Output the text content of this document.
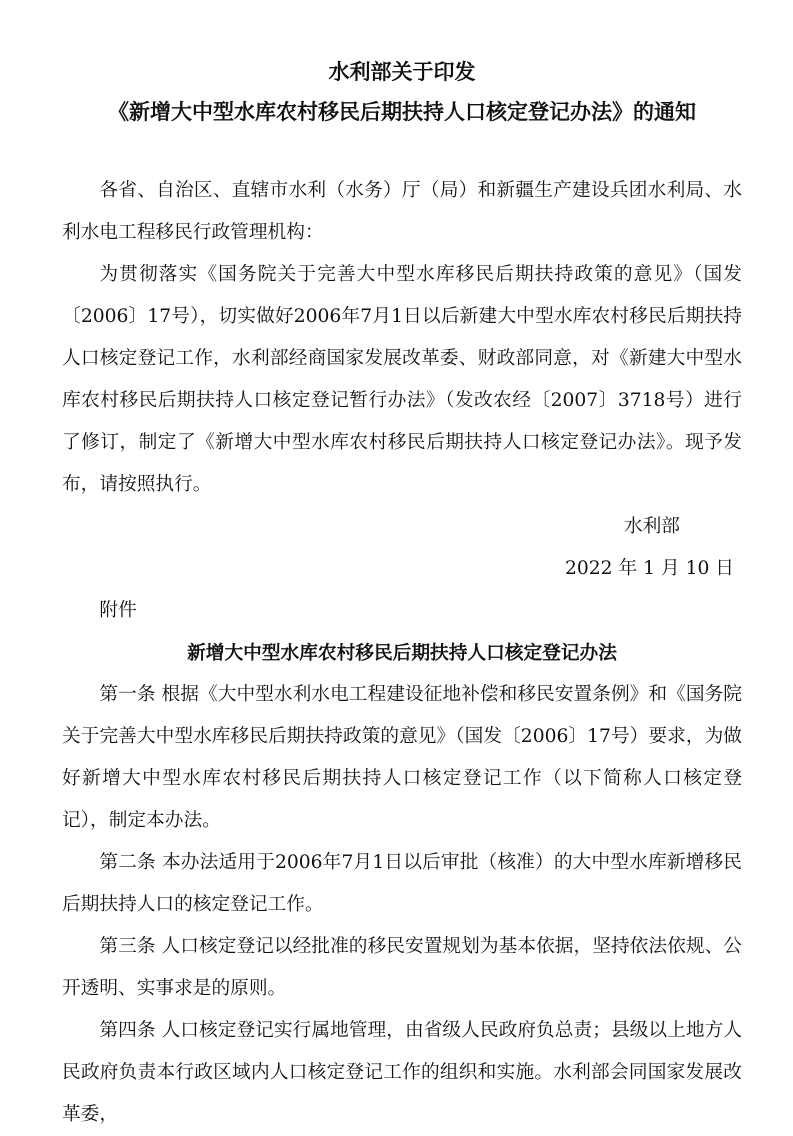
水利部关于印发
《新增大中型水库农村移民后期扶持人口核定登记办法》的通知

各省、自治区、直辖市水利（水务）厅（局）和新疆生产建设兵团水利局、水利水电工程移民行政管理机构：

为贯彻落实《国务院关于完善大中型水库移民后期扶持政策的意见》（国发〔2006〕17号），切实做好2006年7月1日以后新建大中型水库农村移民后期扶持人口核定登记工作，水利部经商国家发展改革委、财政部同意，对《新建大中型水库农村移民后期扶持人口核定登记暂行办法》（发改农经〔2007〕3718号）进行了修订，制定了《新增大中型水库农村移民后期扶持人口核定登记办法》。现予发布，请按照执行。

水利部

2022 年 1 月 10 日

附件

新增大中型水库农村移民后期扶持人口核定登记办法

第一条 根据《大中型水利水电工程建设征地补偿和移民安置条例》和《国务院关于完善大中型水库移民后期扶持政策的意见》（国发〔2006〕17号）要求，为做好新增大中型水库农村移民后期扶持人口核定登记工作（以下简称人口核定登记），制定本办法。

第二条 本办法适用于2006年7月1日以后审批（核准）的大中型水库新增移民后期扶持人口的核定登记工作。

第三条 人口核定登记以经批准的移民安置规划为基本依据，坚持依法依规、公开透明、实事求是的原则。

第四条 人口核定登记实行属地管理，由省级人民政府负总责；县级以上地方人民政府负责本行政区域内人口核定登记工作的组织和实施。水利部会同国家发展改革委，
